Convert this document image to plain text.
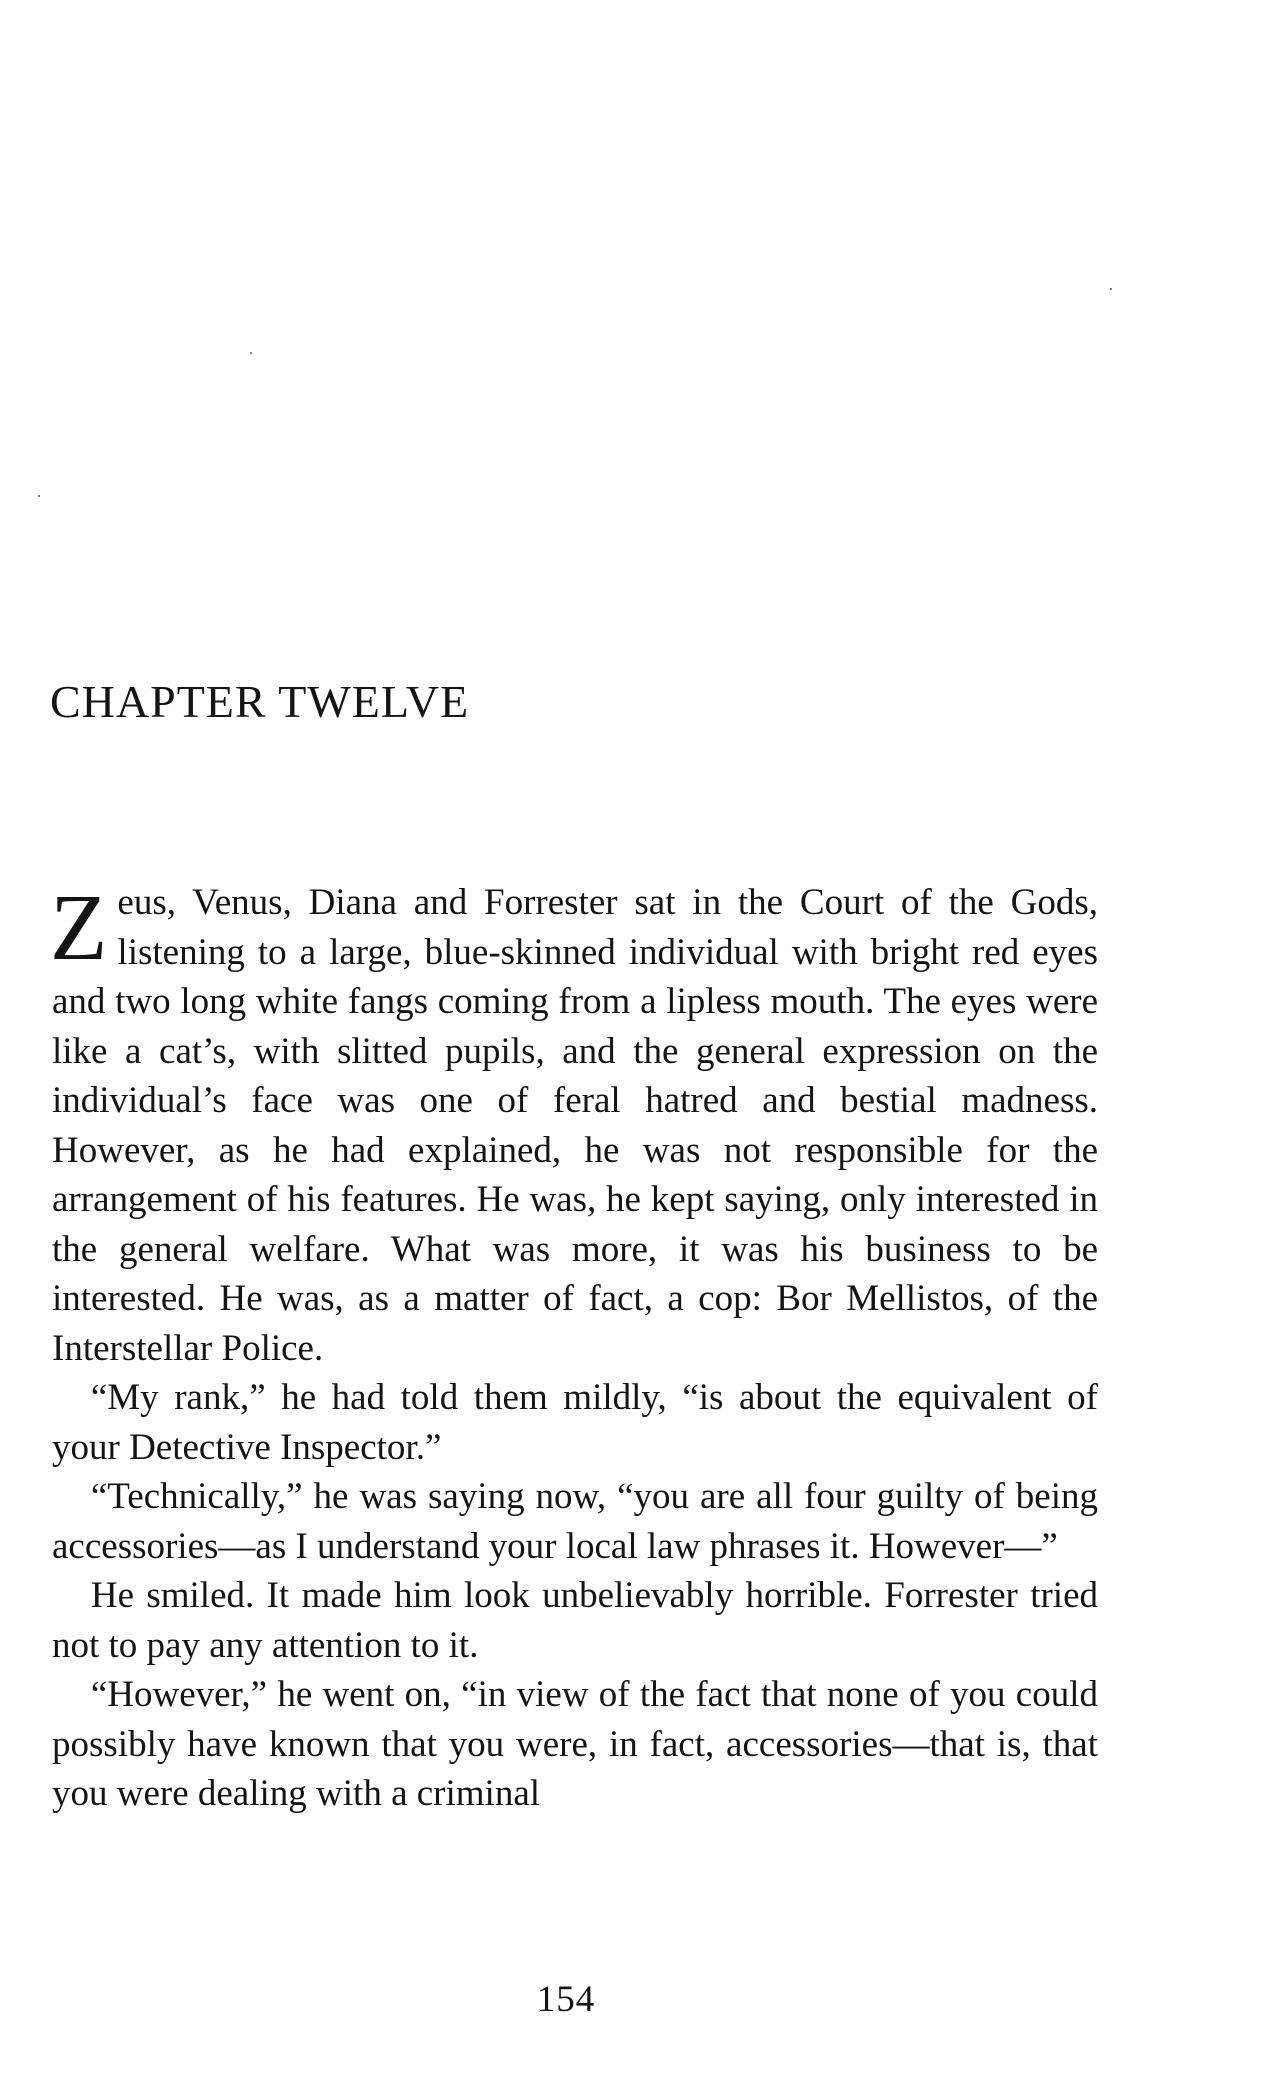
CHAPTER TWELVE

Zeus, Venus, Diana and Forrester sat in the Court of the Gods, listening to a large, blue-skinned individual with bright red eyes and two long white fangs coming from a lipless mouth. The eyes were like a cat’s, with slitted pupils, and the general expression on the individual’s face was one of feral hatred and bestial madness. However, as he had explained, he was not responsible for the arrangement of his features. He was, he kept saying, only interested in the general welfare. What was more, it was his business to be interested. He was, as a matter of fact, a cop: Bor Mellistos, of the Interstellar Police.

“My rank,” he had told them mildly, “is about the equivalent of your Detective Inspector.”

“Technically,” he was saying now, “you are all four guilty of being accessories—as I understand your local law phrases it. However—”

He smiled. It made him look unbelievably horrible. Forrester tried not to pay any attention to it.

“However,” he went on, “in view of the fact that none of you could possibly have known that you were, in fact, accessories—that is, that you were dealing with a criminal

154
